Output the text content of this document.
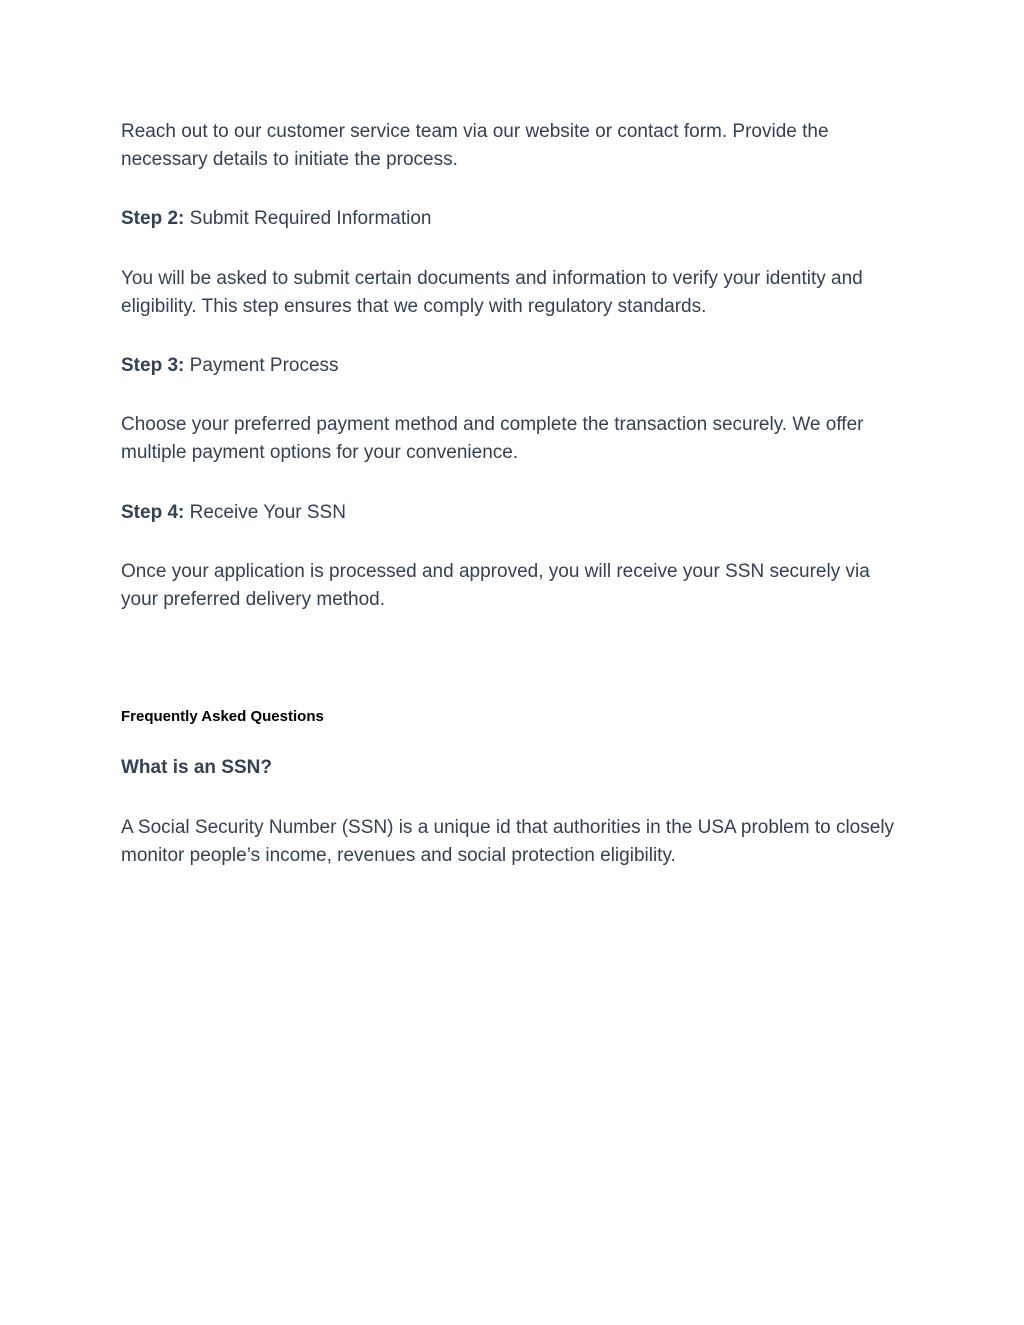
Reach out to our customer service team via our website or contact form. Provide the necessary details to initiate the process.

Step 2: Submit Required Information

You will be asked to submit certain documents and information to verify your identity and eligibility. This step ensures that we comply with regulatory standards.

Step 3: Payment Process

Choose your preferred payment method and complete the transaction securely. We offer multiple payment options for your convenience.

Step 4: Receive Your SSN

Once your application is processed and approved, you will receive your SSN securely via your preferred delivery method.

Frequently Asked Questions
What is an SSN?

A Social Security Number (SSN) is a unique id that authorities in the USA problem to closely monitor people’s income, revenues and social protection eligibility.
